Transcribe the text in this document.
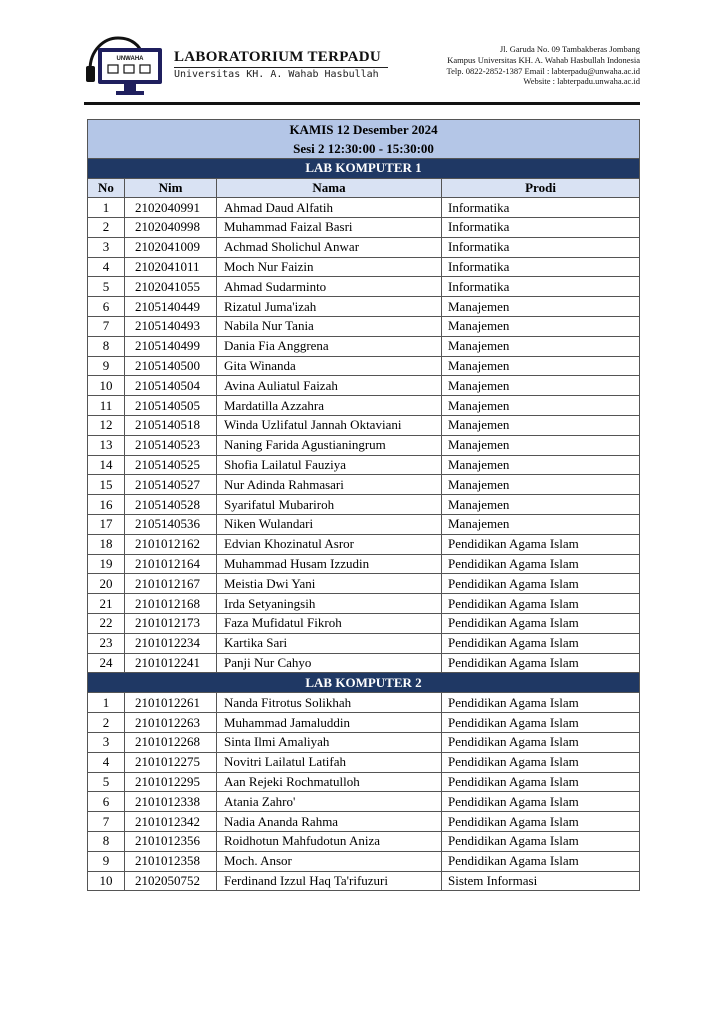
UNWAHA LABORATORIUM TERPADU
Universitas KH. A. Wahab Hasbullah
Jl. Garuda No. 09 Tambakberas Jombang
Kampus Universitas KH. A. Wahab Hasbullah Indonesia
Telp. 0822-2852-1387 Email : labterpadu@unwaha.ac.id
Website : labterpadu.unwaha.ac.id
KAMIS 12 Desember 2024			
Sesi 2 12:30:00 - 15:30:00			
LAB KOMPUTER 1			
No	Nim	Nama	Prodi
1	2102040991	Ahmad Daud Alfatih	Informatika
2	2102040998	Muhammad Faizal Basri	Informatika
3	2102041009	Achmad Sholichul Anwar	Informatika
4	2102041011	Moch Nur Faizin	Informatika
5	2102041055	Ahmad Sudarminto	Informatika
6	2105140449	Rizatul Juma'izah	Manajemen
7	2105140493	Nabila Nur Tania	Manajemen
8	2105140499	Dania Fia Anggrena	Manajemen
9	2105140500	Gita Winanda	Manajemen
10	2105140504	Avina Auliatul Faizah	Manajemen
11	2105140505	Mardatilla Azzahra	Manajemen
12	2105140518	Winda Uzlifatul Jannah Oktaviani	Manajemen
13	2105140523	Naning Farida Agustianingrum	Manajemen
14	2105140525	Shofia Lailatul Fauziya	Manajemen
15	2105140527	Nur Adinda Rahmasari	Manajemen
16	2105140528	Syarifatul Mubariroh	Manajemen
17	2105140536	Niken Wulandari	Manajemen
18	2101012162	Edvian Khozinatul Asror	Pendidikan Agama Islam
19	2101012164	Muhammad Husam Izzudin	Pendidikan Agama Islam
20	2101012167	Meistia Dwi Yani	Pendidikan Agama Islam
21	2101012168	Irda Setyaningsih	Pendidikan Agama Islam
22	2101012173	Faza Mufidatul Fikroh	Pendidikan Agama Islam
23	2101012234	Kartika Sari	Pendidikan Agama Islam
24	2101012241	Panji Nur Cahyo	Pendidikan Agama Islam
LAB KOMPUTER 2			
1	2101012261	Nanda Fitrotus Solikhah	Pendidikan Agama Islam
2	2101012263	Muhammad Jamaluddin	Pendidikan Agama Islam
3	2101012268	Sinta Ilmi Amaliyah	Pendidikan Agama Islam
4	2101012275	Novitri Lailatul Latifah	Pendidikan Agama Islam
5	2101012295	Aan Rejeki Rochmatulloh	Pendidikan Agama Islam
6	2101012338	Atania Zahro'	Pendidikan Agama Islam
7	2101012342	Nadia Ananda Rahma	Pendidikan Agama Islam
8	2101012356	Roidhotun Mahfudotun Aniza	Pendidikan Agama Islam
9	2101012358	Moch. Ansor	Pendidikan Agama Islam
10	2102050752	Ferdinand Izzul Haq Ta'rifuzuri	Sistem Informasi
